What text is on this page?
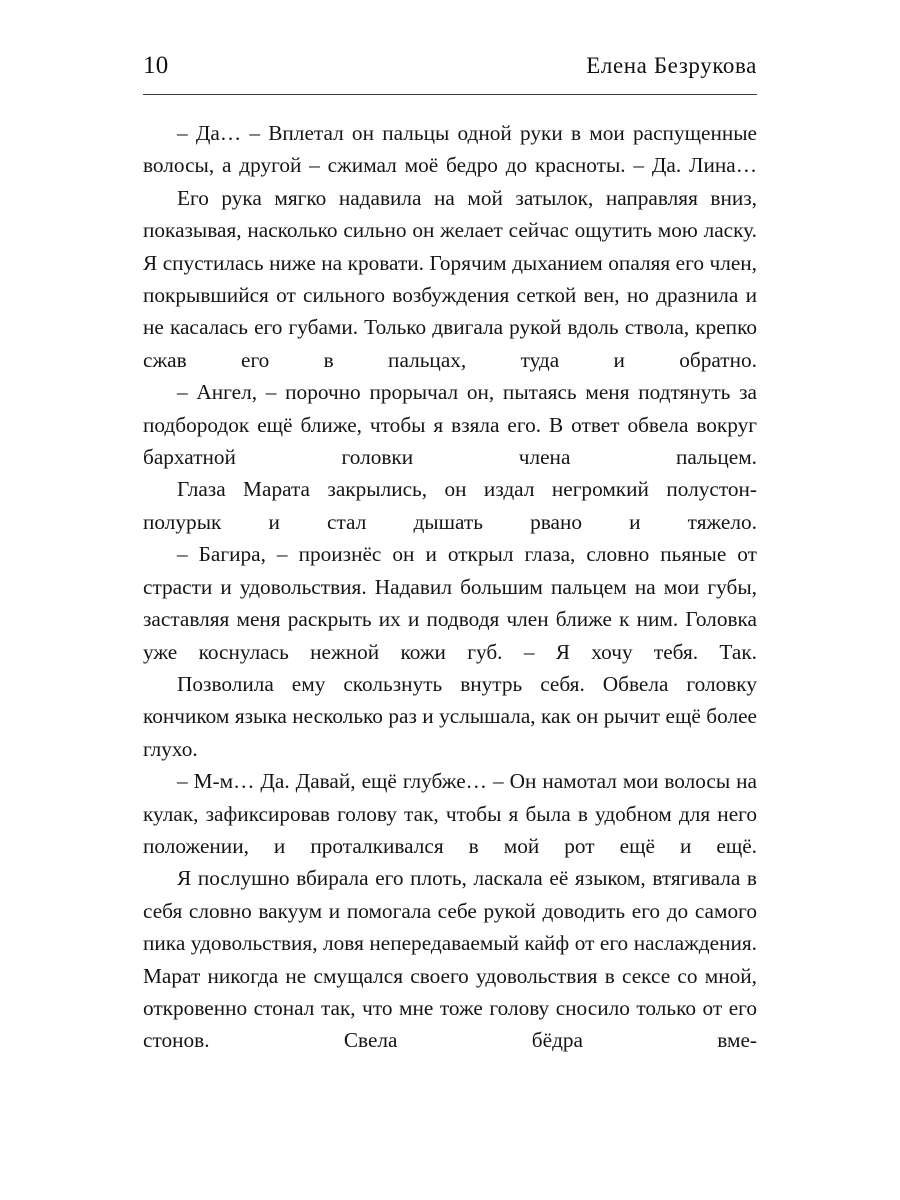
10	Елена Безрукова

– Да… – Вплетал он пальцы одной руки в мои распущенные волосы, а другой – сжимал моё бедро до красноты. – Да. Лина…

Его рука мягко надавила на мой затылок, направляя вниз, показывая, насколько сильно он желает сейчас ощутить мою ласку. Я спустилась ниже на кровати. Горячим дыханием опаляя его член, покрывшийся от сильного возбуждения сеткой вен, но дразнила и не касалась его губами. Только двигала рукой вдоль ствола, крепко сжав его в пальцах, туда и обратно.

– Ангел, – порочно прорычал он, пытаясь меня подтянуть за подбородок ещё ближе, чтобы я взяла его. В ответ обвела вокруг бархатной головки члена пальцем.

Глаза Марата закрылись, он издал негромкий полустон-полурык и стал дышать рвано и тяжело.

– Багира, – произнёс он и открыл глаза, словно пьяные от страсти и удовольствия. Надавил большим пальцем на мои губы, заставляя меня раскрыть их и подводя член ближе к ним. Головка уже коснулась нежной кожи губ. – Я хочу тебя. Так.

Позволила ему скользнуть внутрь себя. Обвела головку кончиком языка несколько раз и услышала, как он рычит ещё более глухо.

– М-м… Да. Давай, ещё глубже… – Он намотал мои волосы на кулак, зафиксировав голову так, чтобы я была в удобном для него положении, и проталкивался в мой рот ещё и ещё.

Я послушно вбирала его плоть, ласкала её языком, втягивала в себя словно вакуум и помогала себе рукой доводить его до самого пика удовольствия, ловя непередаваемый кайф от его наслаждения. Марат никогда не смущался своего удовольствия в сексе со мной, откровенно стонал так, что мне тоже голову сносило только от его стонов. Свела бёдра вме-
